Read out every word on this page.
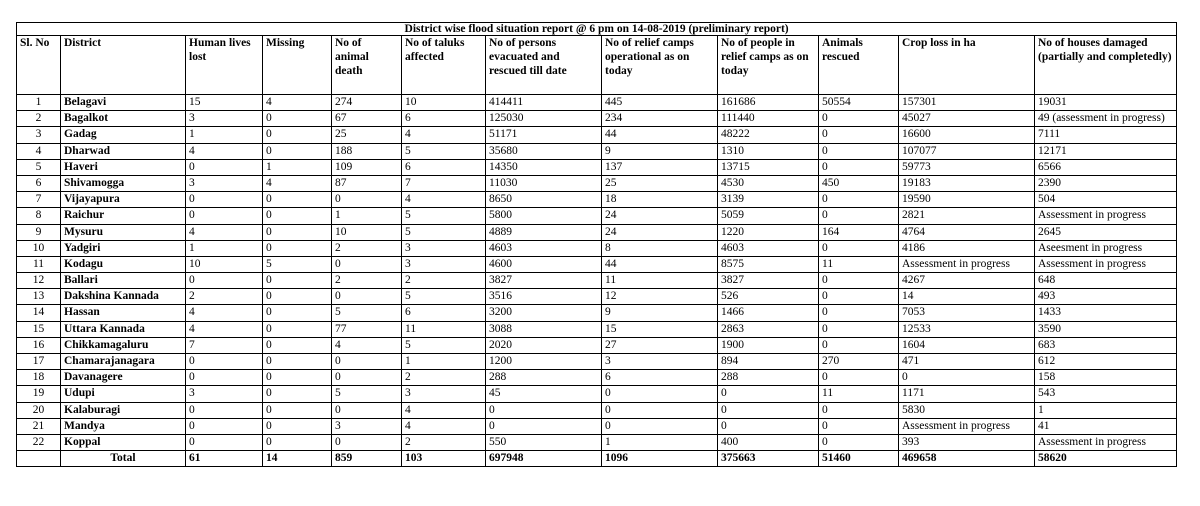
District wise flood situation report @ 6 pm on 14-08-2019 (preliminary report)											
Sl. No	District	Human lives lost	Missing	No of animal death	No of taluks affected	No of persons evacuated and rescued till date	No of relief camps operational as on today	No of people in relief camps as on today	Animals rescued	Crop loss in ha	No of houses damaged (partially and completedly)
1	Belagavi	15	4	274	10	414411	445	161686	50554	157301	19031
2	Bagalkot	3	0	67	6	125030	234	111440	0	45027	49 (assessment in progress)
3	Gadag	1	0	25	4	51171	44	48222	0	16600	7111
4	Dharwad	4	0	188	5	35680	9	1310	0	107077	12171
5	Haveri	0	1	109	6	14350	137	13715	0	59773	6566
6	Shivamogga	3	4	87	7	11030	25	4530	450	19183	2390
7	Vijayapura	0	0	0	4	8650	18	3139	0	19590	504
8	Raichur	0	0	1	5	5800	24	5059	0	2821	Assessment in progress
9	Mysuru	4	0	10	5	4889	24	1220	164	4764	2645
10	Yadgiri	1	0	2	3	4603	8	4603	0	4186	Aseesment in progress
11	Kodagu	10	5	0	3	4600	44	8575	11	Assessment in progress	Assessment in progress
12	Ballari	0	0	2	2	3827	11	3827	0	4267	648
13	Dakshina Kannada	2	0	0	5	3516	12	526	0	14	493
14	Hassan	4	0	5	6	3200	9	1466	0	7053	1433
15	Uttara Kannada	4	0	77	11	3088	15	2863	0	12533	3590
16	Chikkamagaluru	7	0	4	5	2020	27	1900	0	1604	683
17	Chamarajanagara	0	0	0	1	1200	3	894	270	471	612
18	Davanagere	0	0	0	2	288	6	288	0	0	158
19	Udupi	3	0	5	3	45	0	0	11	1171	543
20	Kalaburagi	0	0	0	4	0	0	0	0	5830	1
21	Mandya	0	0	3	4	0	0	0	0	Assessment in progress	41
22	Koppal	0	0	0	2	550	1	400	0	393	Assessment in progress
	Total	61	14	859	103	697948	1096	375663	51460	469658	58620
